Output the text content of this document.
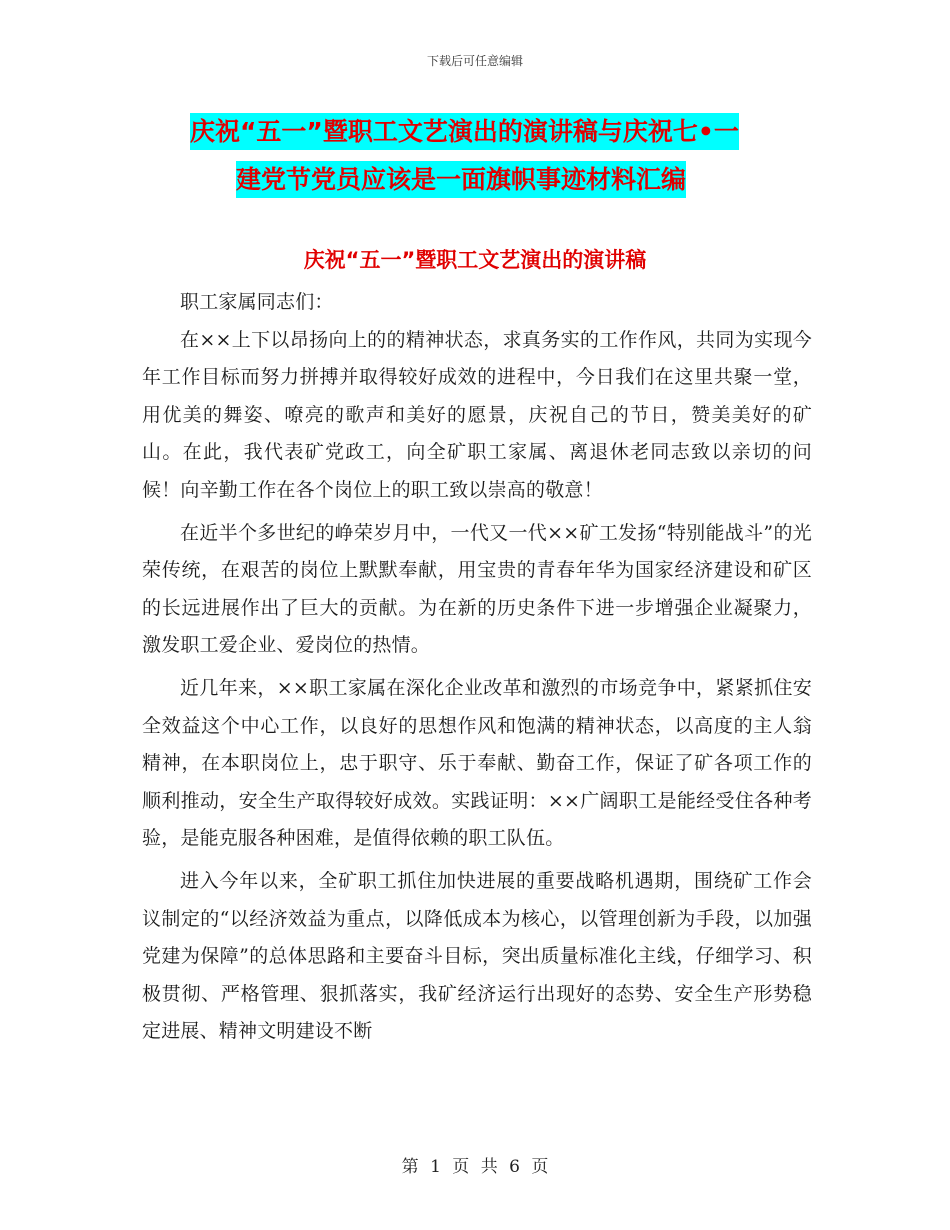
下载后可任意编辑
庆祝“五一”暨职工文艺演出的演讲稿与庆祝七•一
建党节党员应该是一面旗帜事迹材料汇编
庆祝“五一”暨职工文艺演出的演讲稿

职工家属同志们：

在××上下以昂扬向上的的精神状态，求真务实的工作作风，共同为实现今年工作目标而努力拼搏并取得较好成效的进程中，今日我们在这里共聚一堂，用优美的舞姿、嘹亮的歌声和美好的愿景，庆祝自己的节日，赞美美好的矿山。在此，我代表矿党政工，向全矿职工家属、离退休老同志致以亲切的问候！向辛勤工作在各个岗位上的职工致以崇高的敬意！

在近半个多世纪的峥荣岁月中，一代又一代××矿工发扬“特别能战斗”的光荣传统，在艰苦的岗位上默默奉献，用宝贵的青春年华为国家经济建设和矿区的长远进展作出了巨大的贡献。为在新的历史条件下进一步增强企业凝聚力，激发职工爱企业、爱岗位的热情。

近几年来，××职工家属在深化企业改革和激烈的市场竞争中，紧紧抓住安全效益这个中心工作，以良好的思想作风和饱满的精神状态，以高度的主人翁精神，在本职岗位上，忠于职守、乐于奉献、勤奋工作，保证了矿各项工作的顺利推动，安全生产取得较好成效。实践证明：××广阔职工是能经受住各种考验，是能克服各种困难，是值得依赖的职工队伍。

进入今年以来，全矿职工抓住加快进展的重要战略机遇期，围绕矿工作会议制定的“以经济效益为重点，以降低成本为核心，以管理创新为手段，以加强党建为保障”的总体思路和主要奋斗目标，突出质量标准化主线，仔细学习、积极贯彻、严格管理、狠抓落实，我矿经济运行出现好的态势、安全生产形势稳定进展、精神文明建设不断

第 1 页 共 6 页
